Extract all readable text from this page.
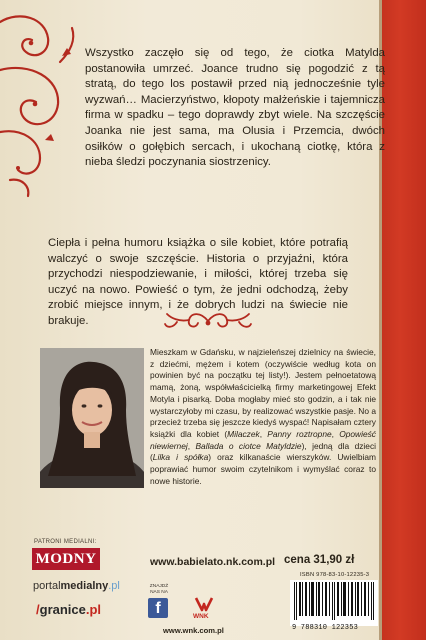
Wszystko zaczęło się od tego, że ciotka Matylda postanowiła umrzeć. Joance trudno się pogodzić z tą stratą, do tego los postawił przed nią jednocześnie tyle wyzwań… Macierzyństwo, kłopoty małżeńskie i tajemnicza firma w spadku – tego doprawdy zbyt wiele. Na szczęście Joanka nie jest sama, ma Olusia i Przemcia, dwóch osiłków o gołębich sercach, i ukochaną ciotkę, która z nieba śledzi poczynania siostrzenicy.

Ciepła i pełna humoru książka o sile kobiet, które potrafią walczyć o swoje szczęście. Historia o przyjaźni, która przychodzi niespodziewanie, i miłości, której trzeba się uczyć na nowo. Powieść o tym, że jedni odchodzą, żeby zrobić miejsce innym, i że dobrych ludzi na świecie nie brakuje.

Mieszkam w Gdańsku, w najzieleńszej dzielnicy na świecie, z dziećmi, mężem i kotem (oczywiście według kota on powinien być na początku tej listy!). Jestem pełnoetatową mamą, żoną, współwłaścicielką firmy marketingowej Efekt Motyla i pisarką. Doba mogłaby mieć sto godzin, a i tak nie wystarczyłoby mi czasu, by realizować wszystkie pasje. No a przecież trzeba się jeszcze kiedyś wyspać! Napisałam cztery książki dla kobiet (Milaczek, Panny roztropne, Opowieść niewiernej, Ballada o ciotce Matyldzie), jedną dla dzieci (Lilka i spółka) oraz kilkanaście wierszyków. Uwielbiam poprawiać humor swoim czytelnikom i wymyślać coraz to nowe historie.

PATRONI MEDIALNI:
MODNY
portalmedialny.pl
/granice.pl
www.babielato.nk.com.pl
ZNAJDŹ NAS NA
f	WNK
www.wnk.com.pl
cena 31,90 zł
ISBN 978-83-10-12235-3
9 788310 122353
